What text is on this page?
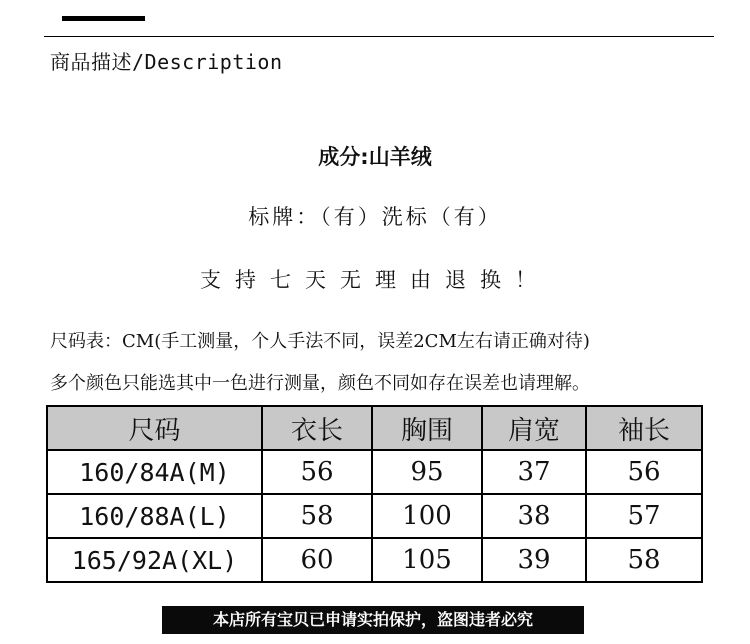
商品描述/Description
成分:山羊绒
标牌：（有）洗标（有）
支持七天无理由退换！
尺码表：CM(手工测量，个人手法不同，误差2CM左右请正确对待)
多个颜色只能选其中一色进行测量，颜色不同如存在误差也请理解。
尺码	衣长	胸围	肩宽	袖长
160/84A(M)	56	95	37	56
160/88A(L)	58	100	38	57
165/92A(XL)	60	105	39	58
本店所有宝贝已申请实拍保护，盗图违者必究
